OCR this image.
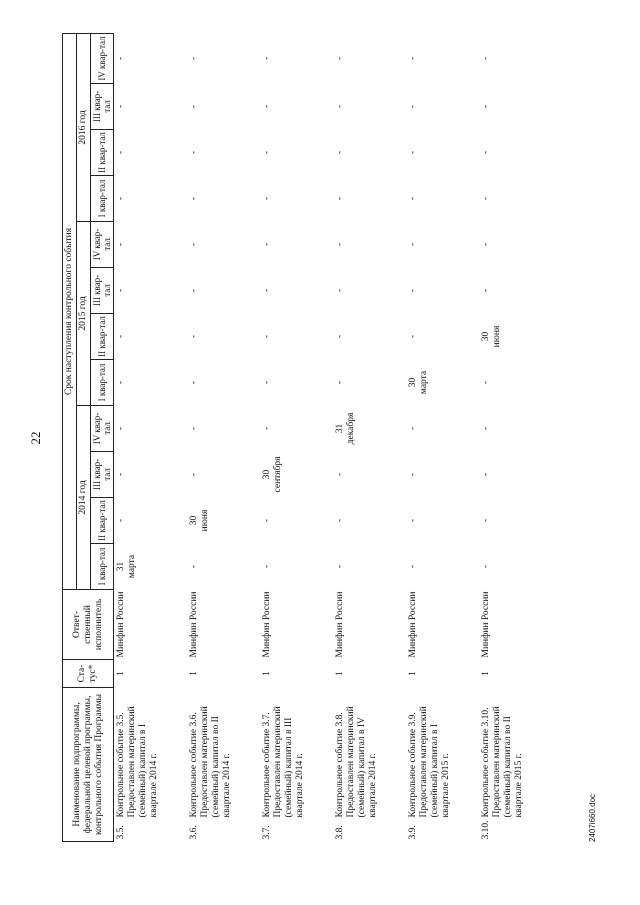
22
Наименование подпрограммы, федеральной целевой программы, контрольного события Программы		Ста-тус*	Ответ-ственный исполнитель	Срок наступления контрольного события											
				2014 год				2015 год				2016 год			
				I квар-тал	II квар-тал	III квар-тал	IV квар-тал	I квар-тал	II квар-тал	III квар-тал	IV квар-тал	I квар-тал	II квар-тал	III квар-тал	IV квар-тал
3.5.	Контрольное событие 3.5. Предоставлен материнский (семейный) капитал в I квартале 2014 г.	1	Минфин России	31 марта	-	-	-	-	-	-	-	-	-	-	-

3.6.	Контрольное событие 3.6. Предоставлен материнский (семейный) капитал во II квартале 2014 г.	1	Минфин России	-	30 июня	-	-	-	-	-	-	-	-	-	-

3.7.	Контрольное событие 3.7. Предоставлен материнский (семейный) капитал в III квартале 2014 г.	1	Минфин России	-	-	30 сентября	-	-	-	-	-	-	-	-	-

3.8.	Контрольное событие 3.8. Предоставлен материнский (семейный) капитал в IV квартале 2014 г.	1	Минфин России	-	-	-	31 декабря	-	-	-	-	-	-	-	-

3.9.	Контрольное событие 3.9. Предоставлен материнский (семейный) капитал в I квартале 2015 г.	1	Минфин России	-	-	-	-	30 марта	-	-	-	-	-	-	-

3.10.	Контрольное событие 3.10. Предоставлен материнский (семейный) капитал во II квартале 2015 г.	1	Минфин России	-	-	-	-	-	30 июня	-	-	-	-	-	-
2407i660.doc
